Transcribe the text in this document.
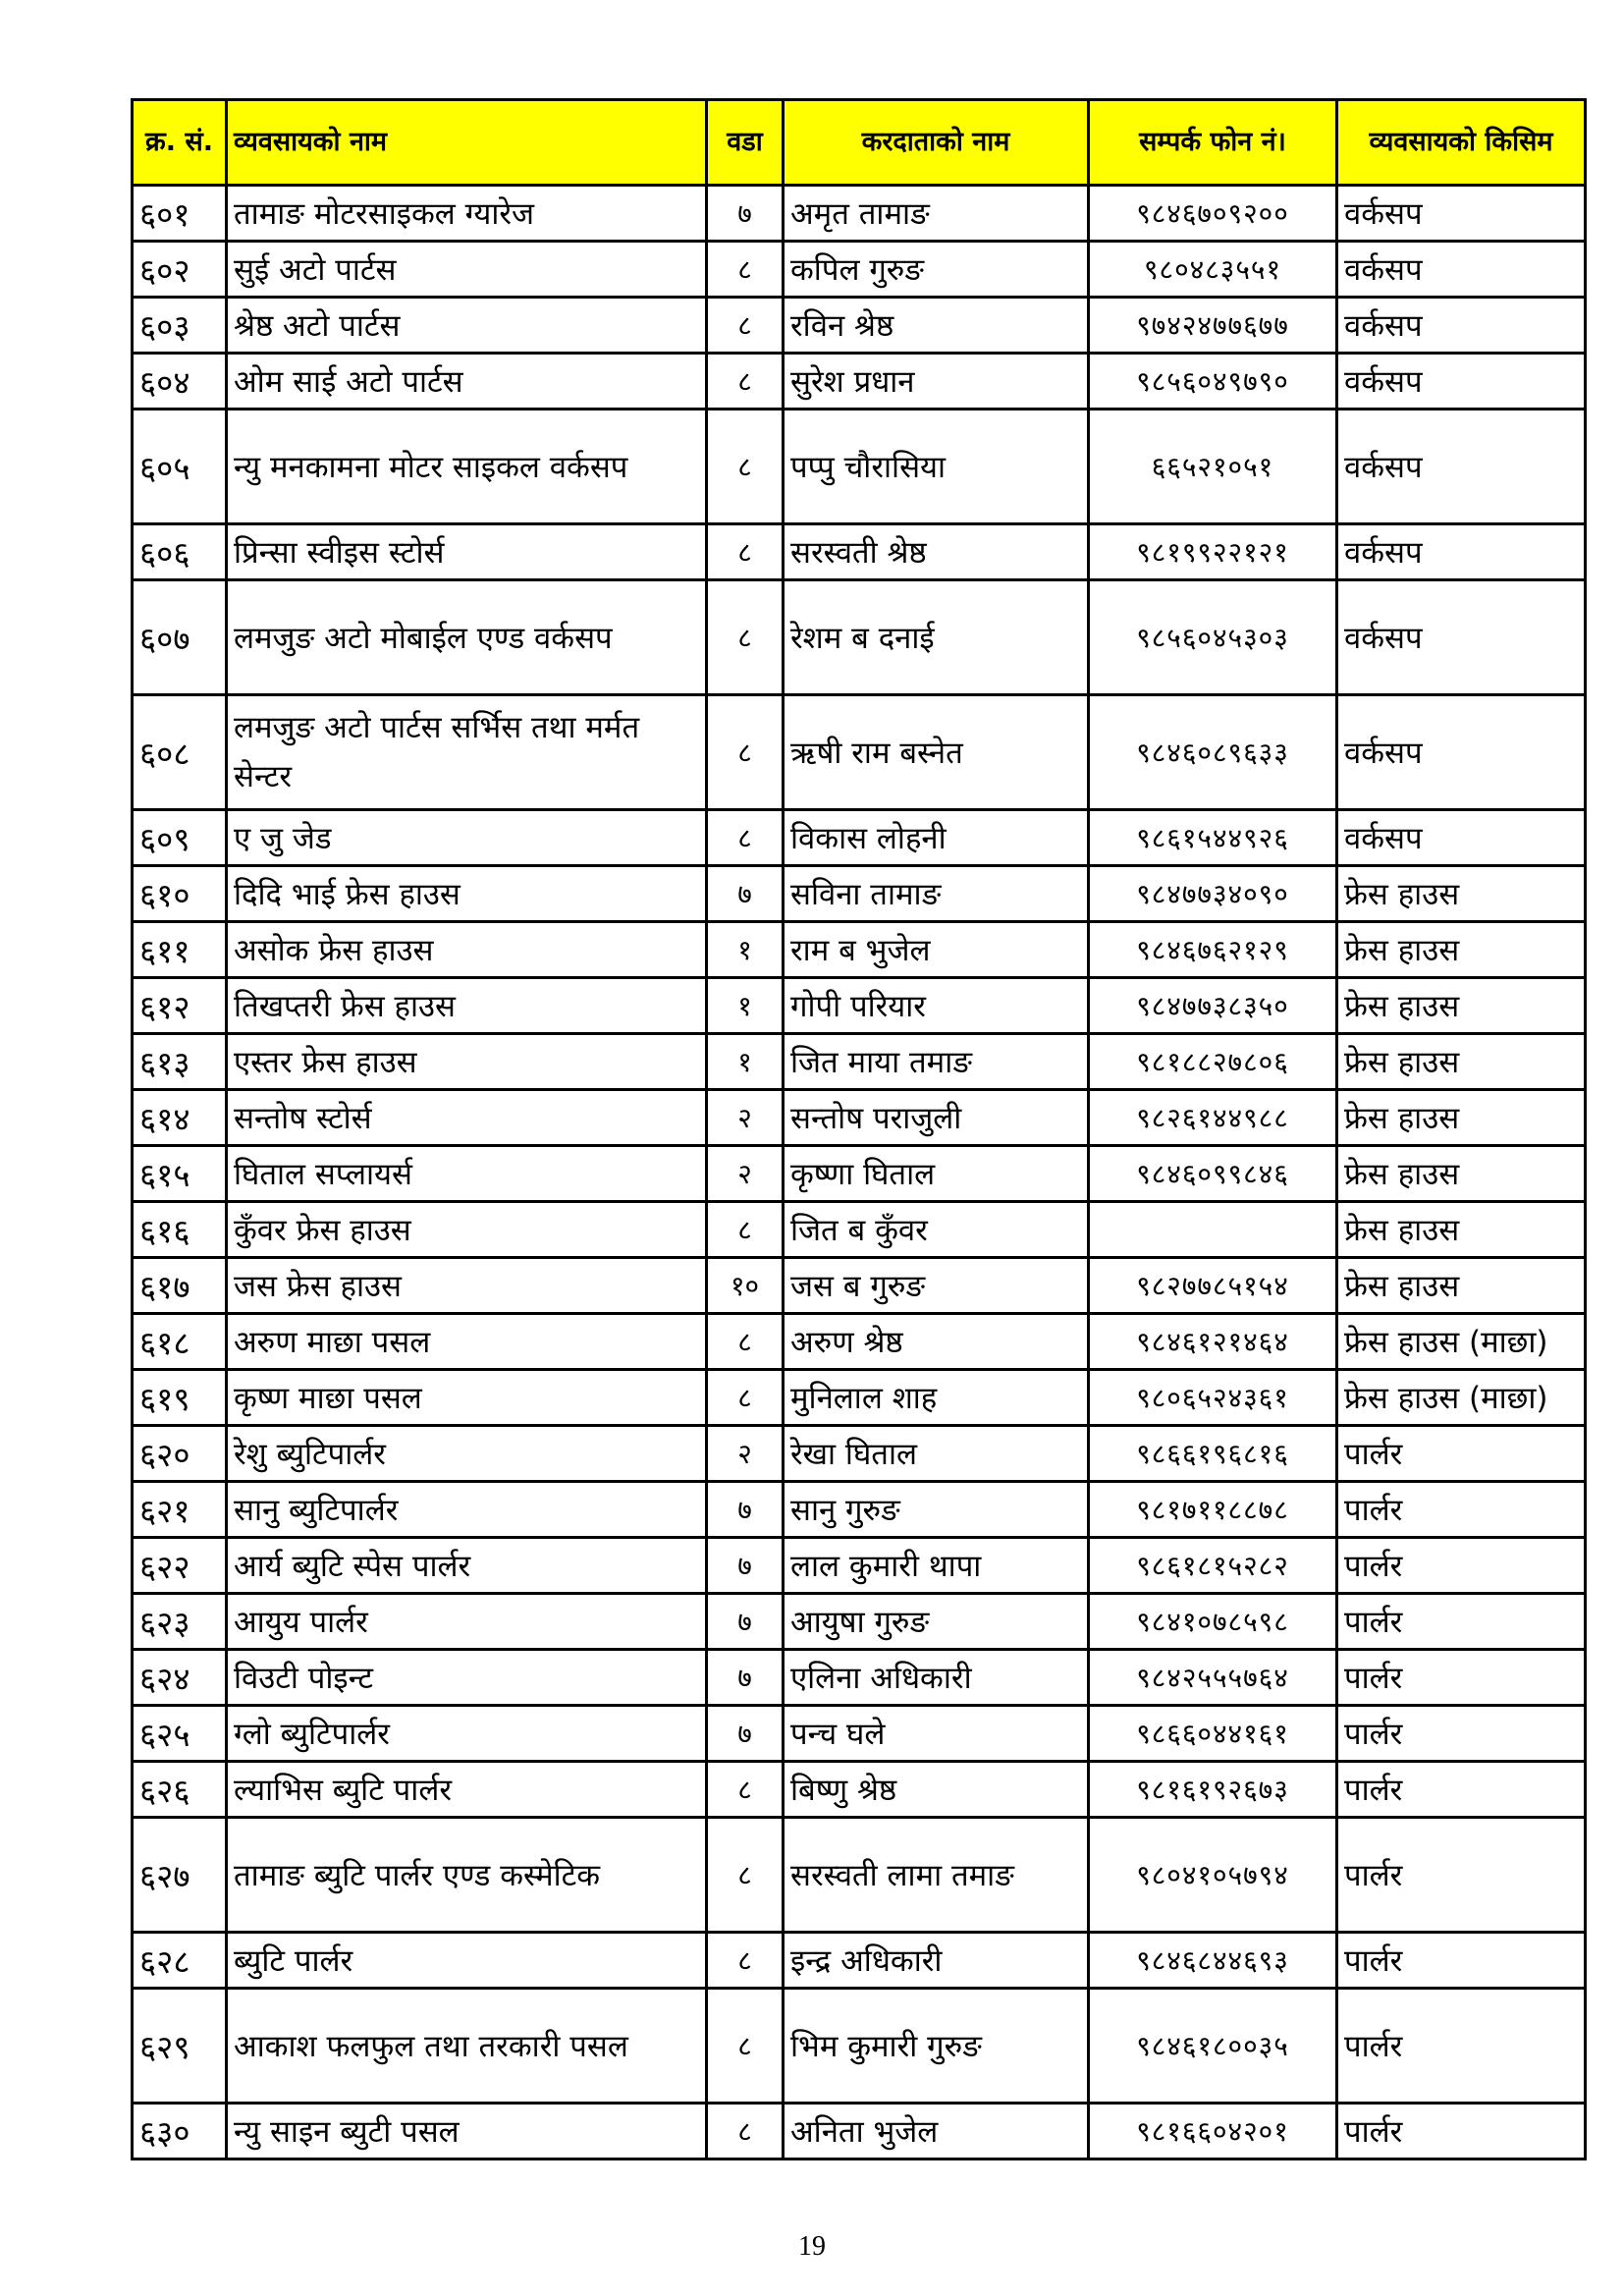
क्र. सं.	व्यवसायको नाम	वडा	करदाताको नाम	सम्पर्क फोन नं।	व्यवसायको किसिम
६०१	तामाङ मोटरसाइकल ग्यारेज	७	अमृत तामाङ	९८४६७०९२००	वर्कसप
६०२	सुई अटो पार्टस	८	कपिल गुरुङ	९८०४८३५५१	वर्कसप
६०३	श्रेष्ठ अटो पार्टस	८	रविन श्रेष्ठ	९७४२४७७६७७	वर्कसप
६०४	ओम साई अटो पार्टस	८	सुरेश प्रधान	९८५६०४९७९०	वर्कसप
६०५	न्यु मनकामना मोटर साइकल वर्कसप	८	पप्पु चौरासिया	६६५२१०५१	वर्कसप
६०६	प्रिन्सा स्वीइस स्टोर्स	८	सरस्वती श्रेष्ठ	९८१९९२२१२१	वर्कसप
६०७	लमजुङ अटो मोबाईल एण्ड वर्कसप	८	रेशम ब दनाई	९८५६०४५३०३	वर्कसप
६०८	लमजुङ अटो पार्टस सर्भिस तथा मर्मत सेन्टर	८	ऋषी राम बस्नेत	९८४६०८९६३३	वर्कसप
६०९	ए जु जेड	८	विकास लोहनी	९८६१५४४९२६	वर्कसप
६१०	दिदि भाई फ्रेस हाउस	७	सविना तामाङ	९८४७७३४०९०	फ्रेस हाउस
६११	असोक फ्रेस हाउस	१	राम ब भुजेल	९८४६७६२१२९	फ्रेस हाउस
६१२	तिखप्तरी फ्रेस हाउस	१	गोपी परियार	९८४७७३८३५०	फ्रेस हाउस
६१३	एस्तर फ्रेस हाउस	१	जित माया तमाङ	९८१८८२७८०६	फ्रेस हाउस
६१४	सन्तोष स्टोर्स	२	सन्तोष पराजुली	९८२६१४४९८८	फ्रेस हाउस
६१५	घिताल सप्लायर्स	२	कृष्णा घिताल	९८४६०९९८४६	फ्रेस हाउस
६१६	कुँवर फ्रेस हाउस	८	जित ब कुँवर		फ्रेस हाउस
६१७	जस फ्रेस हाउस	१०	जस ब गुरुङ	९८२७७८५१५४	फ्रेस हाउस
६१८	अरुण माछा पसल	८	अरुण श्रेष्ठ	९८४६१२१४६४	फ्रेस हाउस (माछा)
६१९	कृष्ण माछा पसल	८	मुनिलाल शाह	९८०६५२४३६१	फ्रेस हाउस (माछा)
६२०	रेशु ब्युटिपार्लर	२	रेखा घिताल	९८६६१९६८१६	पार्लर
६२१	सानु ब्युटिपार्लर	७	सानु गुरुङ	९८१७११८८७८	पार्लर
६२२	आर्य ब्युटि स्पेस पार्लर	७	लाल कुमारी थापा	९८६१८१५२८२	पार्लर
६२३	आयुय पार्लर	७	आयुषा गुरुङ	९८४१०७८५९८	पार्लर
६२४	विउटी पोइन्ट	७	एलिना अधिकारी	९८४२५५५७६४	पार्लर
६२५	ग्लो ब्युटिपार्लर	७	पन्च घले	९८६६०४४१६१	पार्लर
६२६	ल्याभिस ब्युटि पार्लर	८	बिष्णु श्रेष्ठ	९८१६१९२६७३	पार्लर
६२७	तामाङ ब्युटि पार्लर एण्ड कस्मेटिक	८	सरस्वती लामा तमाङ	९८०४१०५७९४	पार्लर
६२८	ब्युटि पार्लर	८	इन्द्र अधिकारी	९८४६८४४६९३	पार्लर
६२९	आकाश फलफुल तथा तरकारी पसल	८	भिम कुमारी गुरुङ	९८४६१८००३५	पार्लर
६३०	न्यु साइन ब्युटी पसल	८	अनिता भुजेल	९८१६६०४२०१	पार्लर
19
